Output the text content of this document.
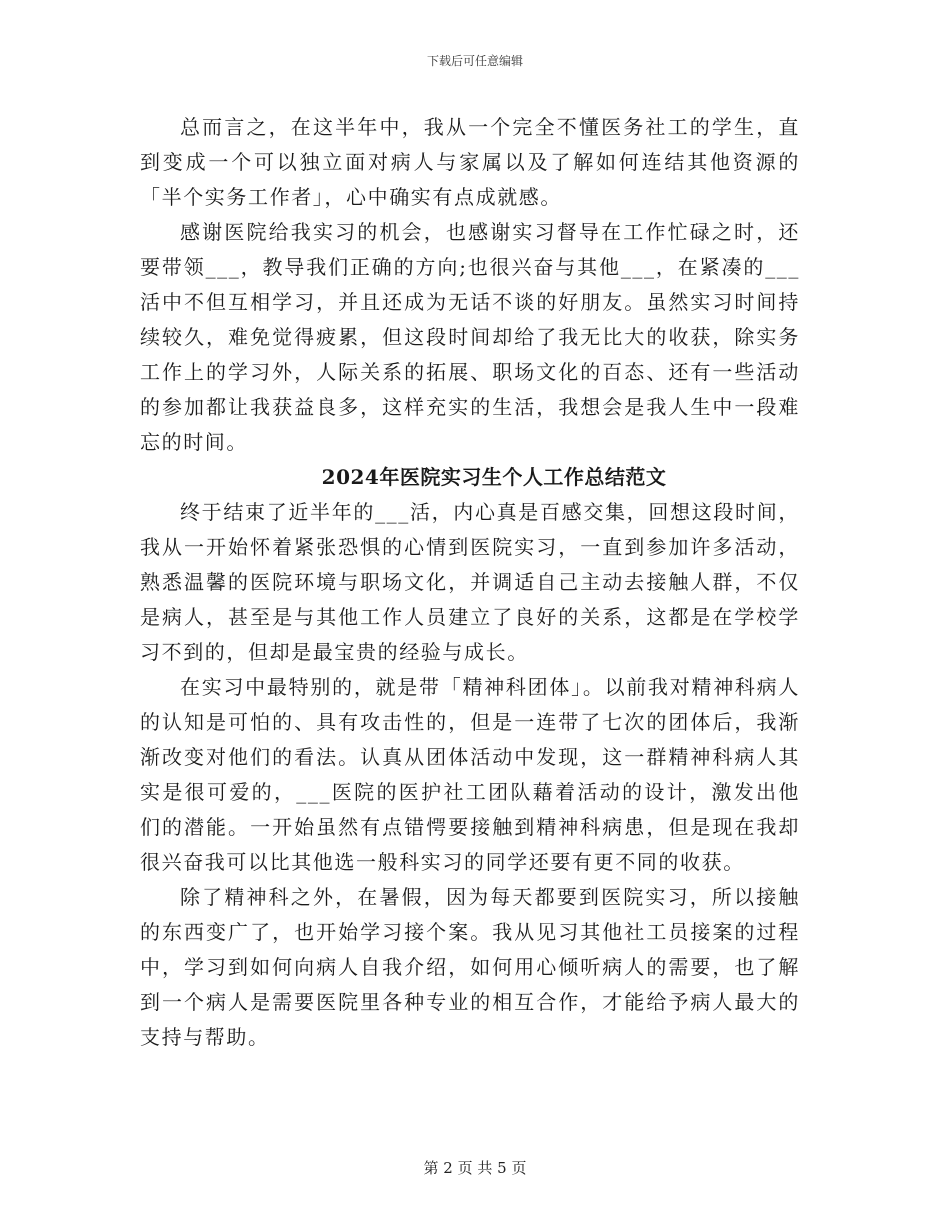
下载后可任意编辑

总而言之，在这半年中，我从一个完全不懂医务社工的学生，直到变成一个可以独立面对病人与家属以及了解如何连结其他资源的「半个实务工作者」，心中确实有点成就感。

感谢医院给我实习的机会，也感谢实习督导在工作忙碌之时，还要带领___，教导我们正确的方向;也很兴奋与其他___，在紧凑的___活中不但互相学习，并且还成为无话不谈的好朋友。虽然实习时间持续较久，难免觉得疲累，但这段时间却给了我无比大的收获，除实务工作上的学习外，人际关系的拓展、职场文化的百态、还有一些活动的参加都让我获益良多，这样充实的生活，我想会是我人生中一段难忘的时间。

2024年医院实习生个人工作总结范文

终于结束了近半年的___活，内心真是百感交集，回想这段时间，我从一开始怀着紧张恐惧的心情到医院实习，一直到参加许多活动，熟悉温馨的医院环境与职场文化，并调适自己主动去接触人群，不仅是病人，甚至是与其他工作人员建立了良好的关系，这都是在学校学习不到的，但却是最宝贵的经验与成长。

在实习中最特别的，就是带「精神科团体」。以前我对精神科病人的认知是可怕的、具有攻击性的，但是一连带了七次的团体后，我渐渐改变对他们的看法。认真从团体活动中发现，这一群精神科病人其实是很可爱的，___医院的医护社工团队藉着活动的设计，激发出他们的潜能。一开始虽然有点错愕要接触到精神科病患，但是现在我却很兴奋我可以比其他选一般科实习的同学还要有更不同的收获。

除了精神科之外，在暑假，因为每天都要到医院实习，所以接触的东西变广了，也开始学习接个案。我从见习其他社工员接案的过程中，学习到如何向病人自我介绍，如何用心倾听病人的需要，也了解到一个病人是需要医院里各种专业的相互合作，才能给予病人最大的支持与帮助。

第 2 页 共 5 页
